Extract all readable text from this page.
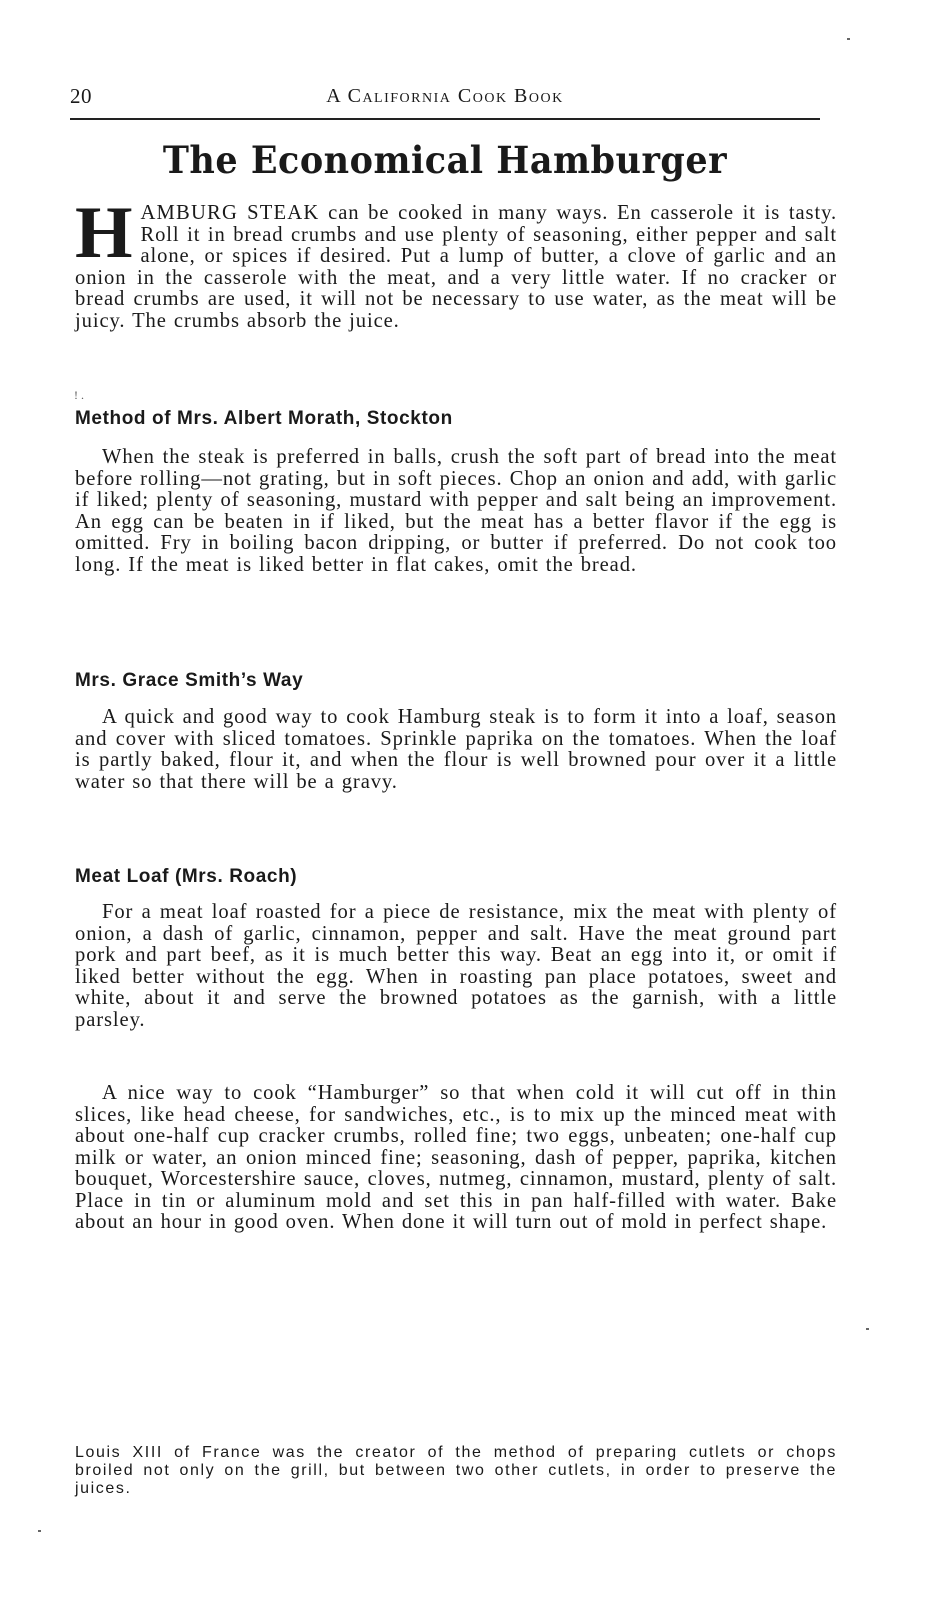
20	A California Cook Book
The Economical Hamburger
HAMBURG STEAK can be cooked in many ways. En casserole it is tasty. Roll it in bread crumbs and use plenty of seasoning, either pepper and salt alone, or spices if desired. Put a lump of butter, a clove of garlic and an onion in the casserole with the meat, and a very little water. If no cracker or bread crumbs are used, it will not be necessary to use water, as the meat will be juicy. The crumbs absorb the juice.
! .
Method of Mrs. Albert Morath, Stockton

When the steak is preferred in balls, crush the soft part of bread into the meat before rolling—not grating, but in soft pieces. Chop an onion and add, with garlic if liked; plenty of seasoning, mustard with pepper and salt being an improvement. An egg can be beaten in if liked, but the meat has a better flavor if the egg is omitted. Fry in boiling bacon dripping, or butter if preferred. Do not cook too long. If the meat is liked better in flat cakes, omit the bread.

Mrs. Grace Smith’s Way

A quick and good way to cook Hamburg steak is to form it into a loaf, season and cover with sliced tomatoes. Sprinkle paprika on the tomatoes. When the loaf is partly baked, flour it, and when the flour is well browned pour over it a little water so that there will be a gravy.

Meat Loaf (Mrs. Roach)

For a meat loaf roasted for a piece de resistance, mix the meat with plenty of onion, a dash of garlic, cinnamon, pepper and salt. Have the meat ground part pork and part beef, as it is much better this way. Beat an egg into it, or omit if liked better without the egg. When in roasting pan place potatoes, sweet and white, about it and serve the browned potatoes as the garnish, with a little parsley.

A nice way to cook “Hamburger” so that when cold it will cut off in thin slices, like head cheese, for sandwiches, etc., is to mix up the minced meat with about one-half cup cracker crumbs, rolled fine; two eggs, unbeaten; one-half cup milk or water, an onion minced fine; seasoning, dash of pepper, paprika, kitchen bouquet, Worcestershire sauce, cloves, nutmeg, cinnamon, mustard, plenty of salt. Place in tin or aluminum mold and set this in pan half-filled with water. Bake about an hour in good oven. When done it will turn out of mold in perfect shape.

Louis XIII of France was the creator of the method of preparing cutlets or chops broiled not only on the grill, but between two other cutlets, in order to preserve the juices.
